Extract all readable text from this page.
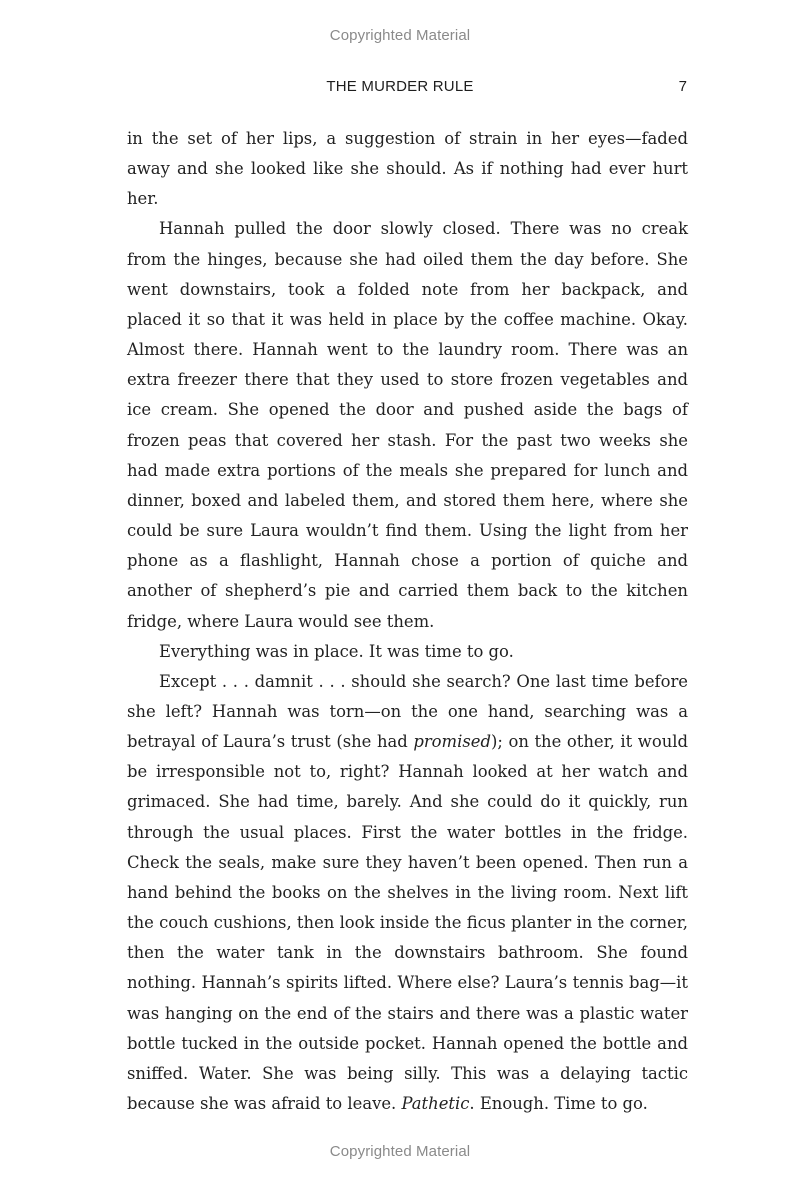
Copyrighted Material
THE MURDER RULE	7

in the set of her lips, a suggestion of strain in her eyes—faded away and she looked like she should. As if nothing had ever hurt her.

Hannah pulled the door slowly closed. There was no creak from the hinges, because she had oiled them the day before. She went downstairs, took a folded note from her backpack, and placed it so that it was held in place by the coffee machine. Okay. Almost there. Hannah went to the laundry room. There was an extra freezer there that they used to store frozen vegetables and ice cream. She opened the door and pushed aside the bags of frozen peas that covered her stash. For the past two weeks she had made extra portions of the meals she prepared for lunch and dinner, boxed and labeled them, and stored them here, where she could be sure Laura wouldn’t find them. Using the light from her phone as a flashlight, Hannah chose a portion of quiche and another of shepherd’s pie and carried them back to the kitchen fridge, where Laura would see them.

Everything was in place. It was time to go.

Except . . . damnit . . . should she search? One last time before she left? Hannah was torn—on the one hand, searching was a betrayal of Laura’s trust (she had promised); on the other, it would be irresponsible not to, right? Hannah looked at her watch and grimaced. She had time, barely. And she could do it quickly, run through the usual places. First the water bottles in the fridge. Check the seals, make sure they haven’t been opened. Then run a hand behind the books on the shelves in the living room. Next lift the couch cushions, then look inside the ficus planter in the corner, then the water tank in the downstairs bathroom. She found nothing. Hannah’s spirits lifted. Where else? Laura’s tennis bag—it was hanging on the end of the stairs and there was a plastic water bottle tucked in the outside pocket. Hannah opened the bottle and sniffed. Water. She was being silly. This was a delaying tactic because she was afraid to leave. Pathetic. Enough. Time to go.

Copyrighted Material
